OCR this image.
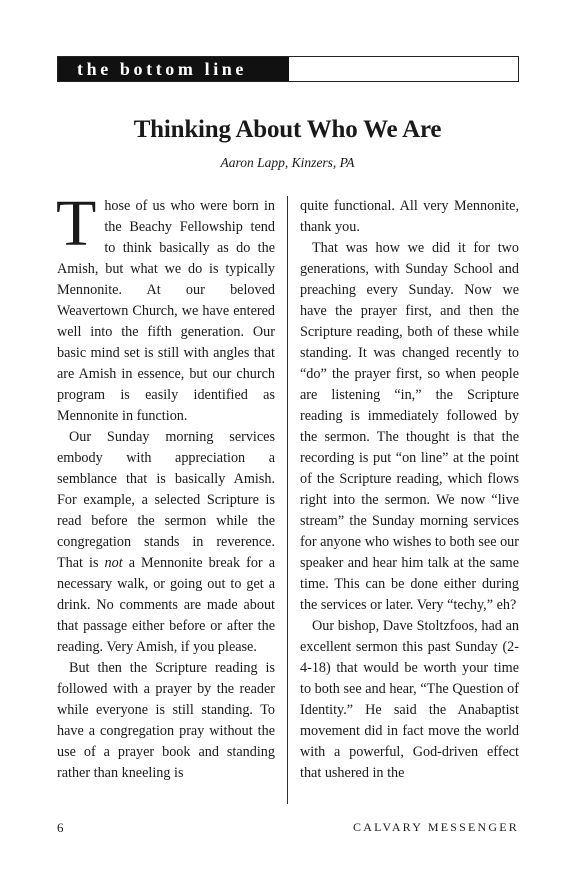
the bottom line
Thinking About Who We Are

Aaron Lapp, Kinzers, PA

Those of us who were born in the Beachy Fellowship tend to think basically as do the Amish, but what we do is typically Mennonite. At our beloved Weavertown Church, we have entered well into the fifth generation. Our basic mind set is still with angles that are Amish in essence, but our church program is easily identified as Mennonite in function.

Our Sunday morning services embody with appreciation a semblance that is basically Amish. For example, a selected Scripture is read before the sermon while the congregation stands in reverence. That is not a Mennonite break for a necessary walk, or going out to get a drink. No comments are made about that passage either before or after the reading. Very Amish, if you please.

But then the Scripture reading is followed with a prayer by the reader while everyone is still standing. To have a congregation pray without the use of a prayer book and standing rather than kneeling is

quite functional. All very Mennonite, thank you.

That was how we did it for two generations, with Sunday School and preaching every Sunday. Now we have the prayer first, and then the Scripture reading, both of these while standing. It was changed recently to “do” the prayer first, so when people are listening “in,” the Scripture reading is immediately followed by the sermon. The thought is that the recording is put “on line” at the point of the Scripture reading, which flows right into the sermon. We now “live stream” the Sunday morning services for anyone who wishes to both see our speaker and hear him talk at the same time. This can be done either during the services or later. Very “techy,” eh?

Our bishop, Dave Stoltzfoos, had an excellent sermon this past Sunday (2-4-18) that would be worth your time to both see and hear, “The Question of Identity.” He said the Anabaptist movement did in fact move the world with a powerful, God-driven effect that ushered in the

6	CALVARY MESSENGER
